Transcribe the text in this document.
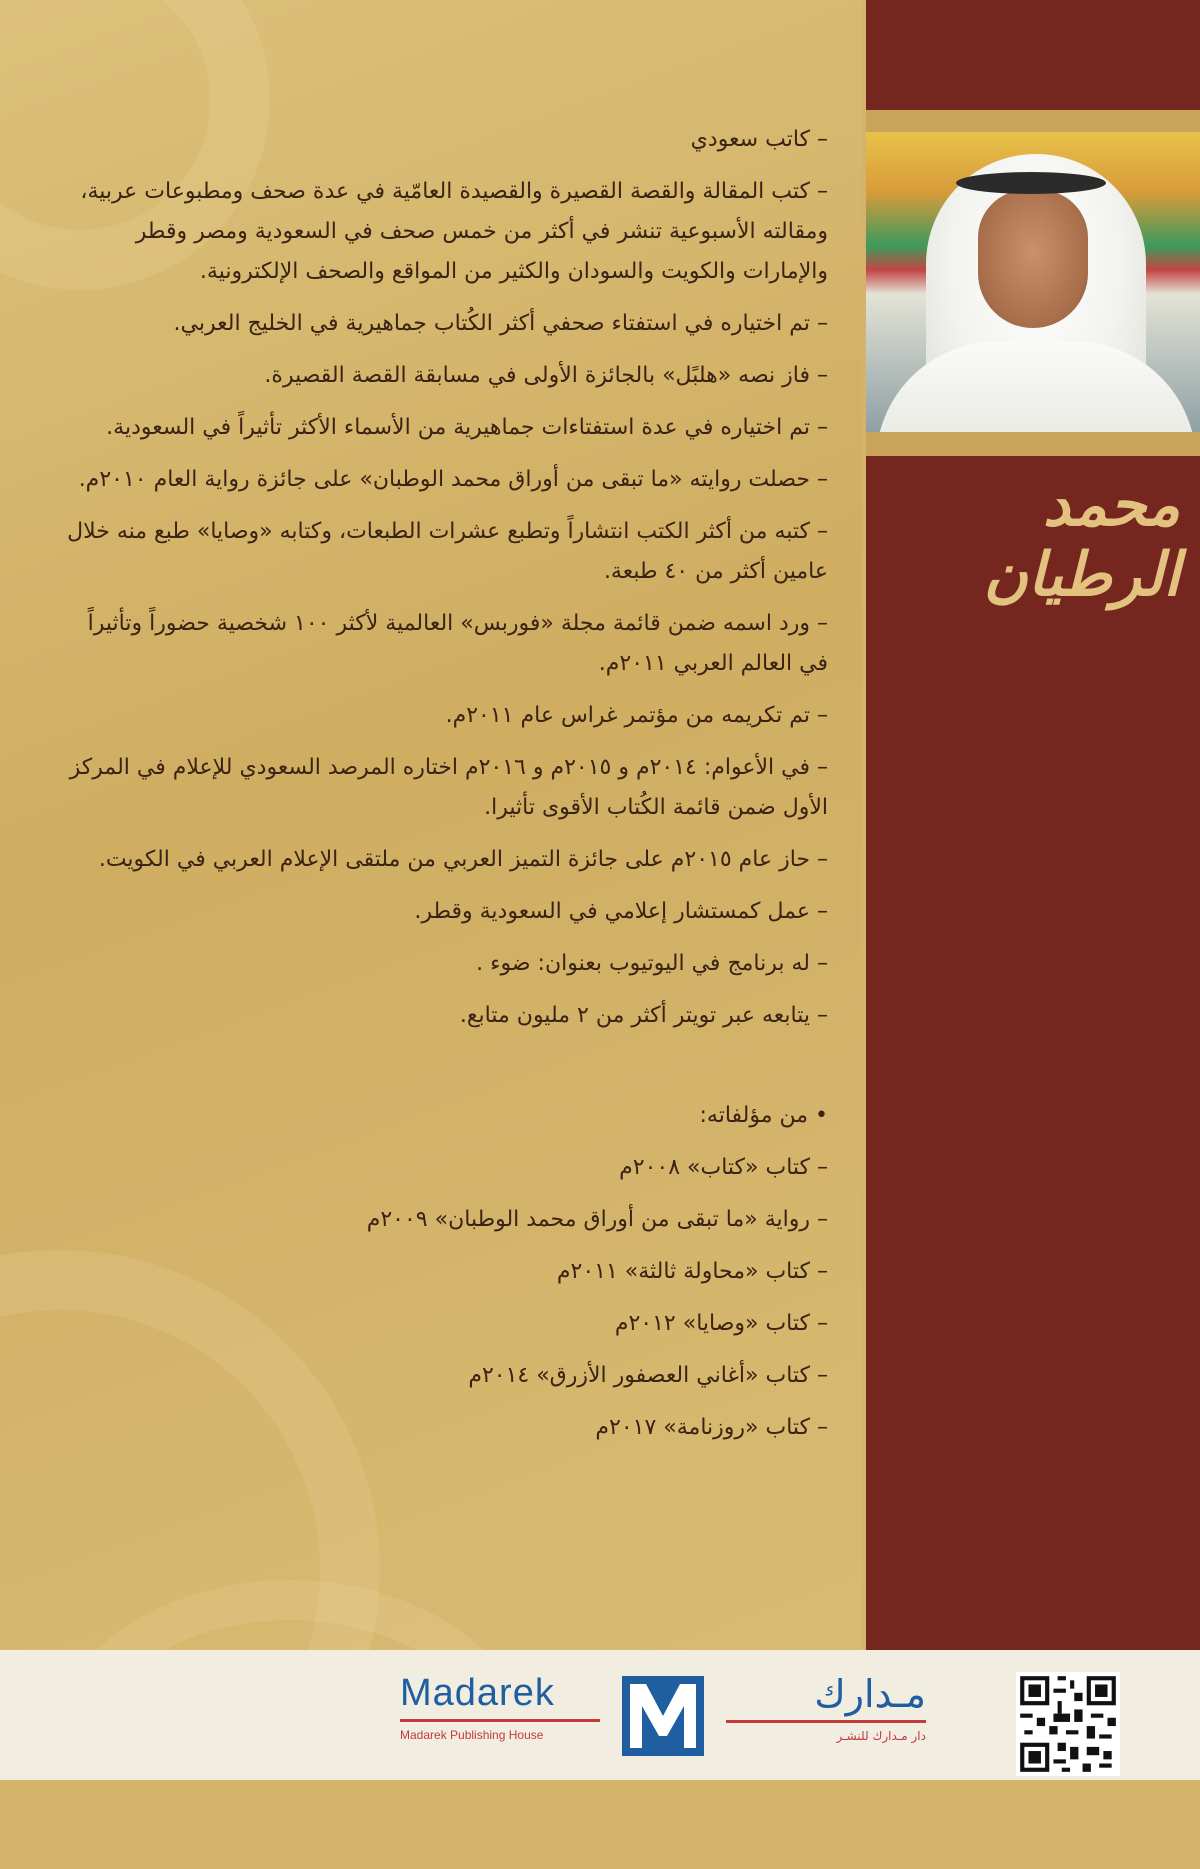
محمد الرطيان

– كاتب سعودي

– كتب المقالة والقصة القصيرة والقصيدة العامّية في عدة صحف ومطبوعات عربية، ومقالته الأسبوعية تنشر في أكثر من خمس صحف في السعودية ومصر وقطر والإمارات والكويت والسودان والكثير من المواقع والصحف الإلكترونية.

– تم اختياره في استفتاء صحفي أكثر الكُتاب جماهيرية في الخليج العربي.

– فاز نصه «هلبًل» بالجائزة الأولى في مسابقة القصة القصيرة.

– تم اختياره في عدة استفتاءات جماهيرية من الأسماء الأكثر تأثيراً في السعودية.

– حصلت روايته «ما تبقى من أوراق محمد الوطبان» على جائزة رواية العام ٢٠١٠م.

– كتبه من أكثر الكتب انتشاراً وتطبع عشرات الطبعات، وكتابه «وصايا» طبع منه خلال عامين أكثر من ٤٠ طبعة.

– ورد اسمه ضمن قائمة مجلة «فوربس» العالمية لأكثر ١٠٠ شخصية حضوراً وتأثيراً في العالم العربي ٢٠١١م.

– تم تكريمه من مؤتمر غراس عام ٢٠١١م.

– في الأعوام: ٢٠١٤م و ٢٠١٥م و ٢٠١٦م اختاره المرصد السعودي للإعلام في المركز الأول ضمن قائمة الكُتاب الأقوى تأثيرا.

– حاز عام ٢٠١٥م على جائزة التميز العربي من ملتقى الإعلام العربي في الكويت.

– عمل كمستشار إعلامي في السعودية وقطر.

– له برنامج في اليوتيوب بعنوان: ضوء .

– يتابعه عبر تويتر أكثر من ٢ مليون متابع.

• من مؤلفاته:

– كتاب «كتاب» ٢٠٠٨م

– رواية «ما تبقى من أوراق محمد الوطبان» ٢٠٠٩م

– كتاب «محاولة ثالثة» ٢٠١١م

– كتاب «وصايا» ٢٠١٢م

– كتاب «أغاني العصفور الأزرق» ٢٠١٤م

– كتاب «روزنامة» ٢٠١٧م

Madarek
Madarek Publishing House
مـدارك
دار مـدارك للنشـر
